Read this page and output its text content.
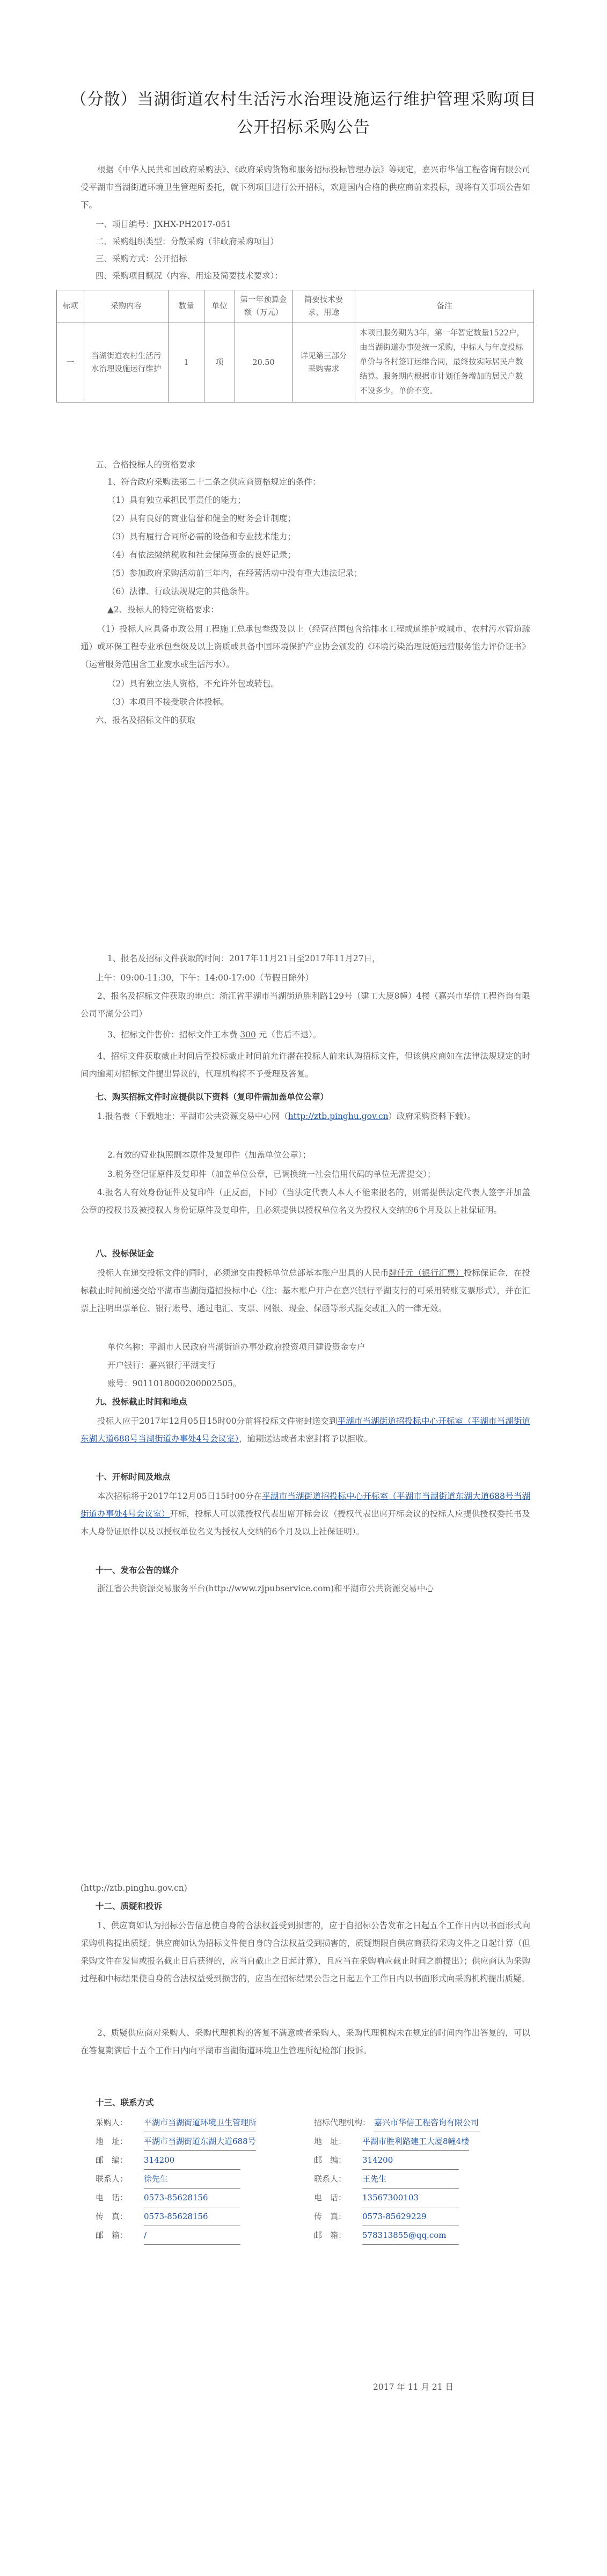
（分散）当湖街道农村生活污水治理设施运行维护管理采购项目
公开招标采购公告
根据《中华人民共和国政府采购法》、《政府采购货物和服务招标投标管理办法》等规定，嘉兴市华信工程咨询有限公司受平湖市当湖街道环境卫生管理所委托，就下列项目进行公开招标，欢迎国内合格的供应商前来投标，现将有关事项公告如下。
一、项目编号：JXHX-PH2017-051
二、采购组织类型：分散采购（非政府采购项目）
三、采购方式：公开招标
四、采购项目概况（内容、用途及简要技术要求）：
标项	采购内容	数量	单位	第一年预算金额（万元）	简要技术要求、用途	备注
一	当湖街道农村生活污水治理设施运行维护	1	项	20.50	详见第三部分采购需求	本项目服务期为3年，第一年暂定数量1522户，由当湖街道办事处统一采购，中标人与年度投标单价与各村签订运维合同，最终按实际居民户数结算。服务期内根据市计划任务增加的居民户数不设多少，单价不变。
五、合格投标人的资格要求
1、符合政府采购法第二十二条之供应商资格规定的条件：
（1）具有独立承担民事责任的能力；
（2）具有良好的商业信誉和健全的财务会计制度；
（3）具有履行合同所必需的设备和专业技术能力；
（4）有依法缴纳税收和社会保障资金的良好记录；
（5）参加政府采购活动前三年内，在经营活动中没有重大违法记录；
（6）法律、行政法规规定的其他条件。
▲2、投标人的特定资格要求：
（1）投标人应具备市政公用工程施工总承包叁级及以上（经营范围包含给排水工程或通维护或城市、农村污水管道疏通）或环保工程专业承包叁级及以上资质或具备中国环境保护产业协会颁发的《环境污染治理设施运营服务能力评价证书》（运营服务范围含工业废水或生活污水）。
（2）具有独立法人资格，不允许外包或转包。
（3）本项目不接受联合体投标。
六、报名及招标文件的获取
1、报名及招标文件获取的时间：2017年11月21日至2017年11月27日，
上午：09:00-11:30，下午：14:00-17:00（节假日除外）
2、报名及招标文件获取的地点：浙江省平湖市当湖街道胜利路129号（建工大厦8幢）4楼（嘉兴市华信工程咨询有限公司平湖分公司）
3、招标文件售价：招标文件工本费 300 元（售后不退）。
4、招标文件获取截止时间后至投标截止时间前允许潜在投标人前来认购招标文件，但该供应商如在法律法规规定的时间内逾期对招标文件提出异议的，代理机构将不予受理及答复。
七、购买招标文件时应提供以下资料（复印件需加盖单位公章）
1.报名表（下载地址：平湖市公共资源交易中心网（http://ztb.pinghu.gov.cn）政府采购资料下载）。
2.有效的营业执照副本原件及复印件（加盖单位公章）；
3.税务登记证原件及复印件（加盖单位公章，已调换统一社会信用代码的单位无需提交）；
4.报名人有效身份证件及复印件（正反面，下同）（当法定代表人本人不能来报名的，则需提供法定代表人签字并加盖公章的授权书及被授权人身份证原件及复印件，且必须提供以授权单位名义为授权人交纳的6个月及以上社保证明。
八、投标保证金
投标人在递交投标文件的同时，必须递交由投标单位总部基本账户出具的人民币肆仟元（银行汇票）投标保证金，在投标截止时间前递交给平湖市当湖街道招投标中心（注：基本账户开户在嘉兴银行平湖支行的可采用转账支票形式），并在汇票上注明出票单位、银行账号、通过电汇、支票、网银、现金、保函等形式提交或汇入的一律无效。
单位名称：平湖市人民政府当湖街道办事处政府投资项目建设资金专户
开户银行：嘉兴银行平湖支行
账号：9011018000200002505。
九、投标截止时间和地点
投标人应于2017年12月05日15时00分前将投标文件密封送交到平湖市当湖街道招投标中心开标室（平湖市当湖街道东湖大道688号当湖街道办事处4号会议室），逾期送达或者未密封将予以拒收。
十、开标时间及地点
本次招标将于2017年12月05日15时00分在平湖市当湖街道招投标中心开标室（平湖市当湖街道东湖大道688号当湖街道办事处4号会议室）开标，投标人可以派授权代表出席开标会议（授权代表出席开标会议的投标人应提供授权委托书及本人身份证原件以及以授权单位名义为授权人交纳的6个月及以上社保证明）。
十一、发布公告的媒介
浙江省公共资源交易服务平台(http://www.zjpubservice.com)和平湖市公共资源交易中心
(http://ztb.pinghu.gov.cn)
十二、质疑和投诉
1、供应商如认为招标公告信息使自身的合法权益受到损害的，应于自招标公告发布之日起五个工作日内以书面形式向采购机构提出质疑；供应商如认为招标文件使自身的合法权益受到损害的，质疑期限自供应商获得采购文件之日起计算（但采购文件在发售或报名截止日后获得的，应当自截止之日起计算），且应当在采购响应截止时间之前提出）；供应商认为采购过程和中标结果使自身的合法权益受到损害的，应当在招标结果公告之日起五个工作日内以书面形式向采购机构提出质疑。
2、质疑供应商对采购人、采购代理机构的答复不满意或者采购人、采购代理机构未在规定的时间内作出答复的，可以在答复期满后十五个工作日内向平湖市当湖街道环境卫生管理所纪检部门投诉。
十三、联系方式
采购人： 平湖市当湖街道环境卫生管理所
地　址： 平湖市当湖街道东湖大道688号
邮　编： 314200
联系人： 徐先生
电　话： 0573-85628156
传　真： 0573-85628156
邮　箱： /
招标代理机构： 嘉兴市华信工程咨询有限公司
地　址： 平湖市胜利路建工大厦8幢4楼
邮　编： 314200
联系人： 王先生
电　话： 13567300103
传　真： 0573-85629229
邮　箱： 578313855@qq.com
2017 年 11 月 21 日
